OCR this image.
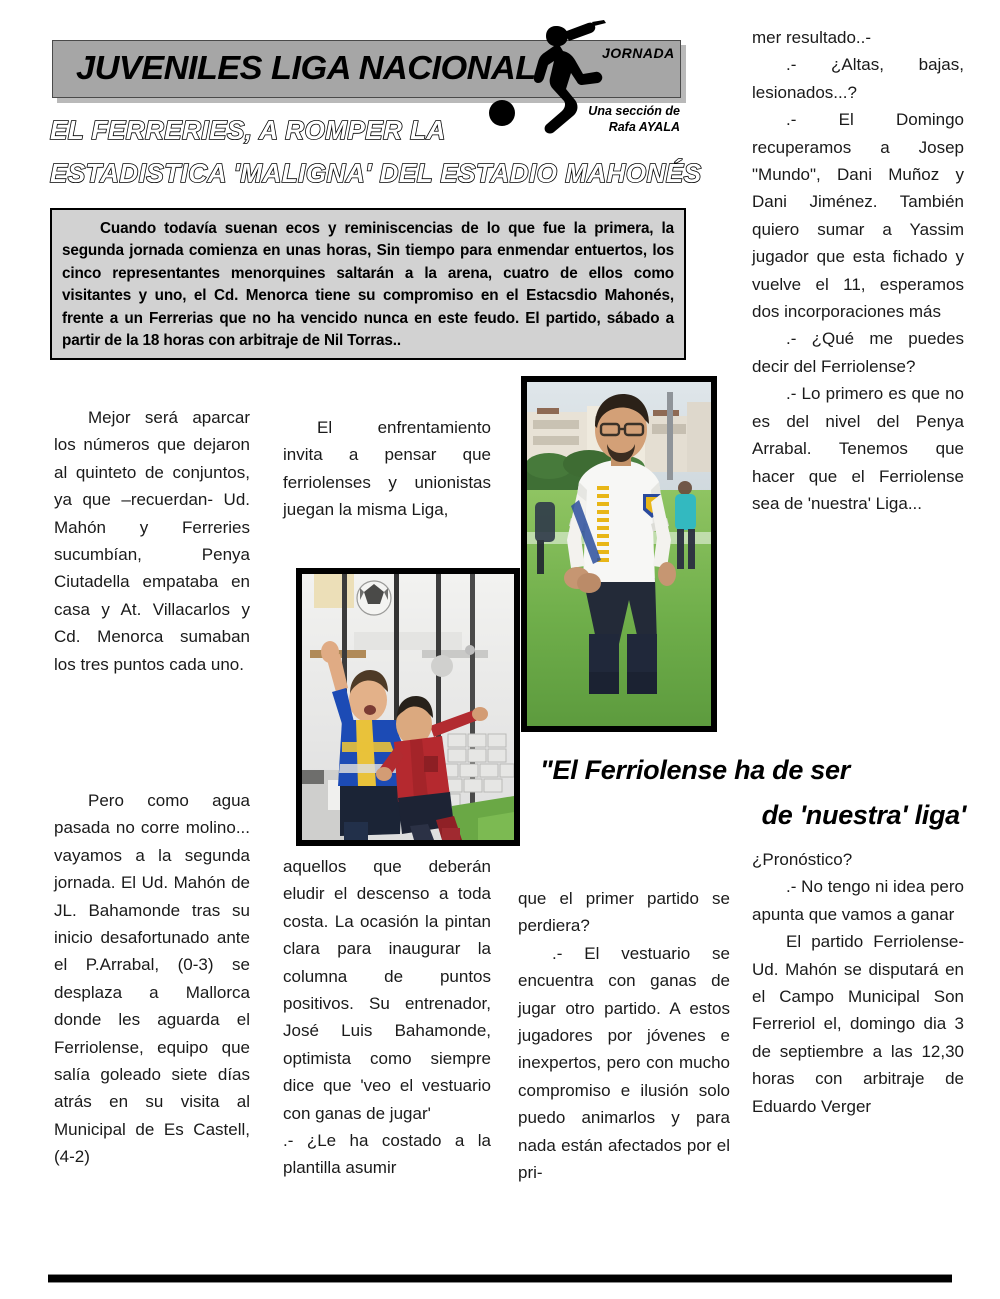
JUVENILES LIGA NACIONAL	JORNADA
Una sección de
Rafa AYALA
EL FERRERIES, A ROMPER LA
ESTADISTICA 'MALIGNA' DEL ESTADIO MAHONÉS

Cuando todavía suenan ecos y reminiscencias de lo que fue la primera, la segunda jornada comienza en unas horas, Sin tiempo para enmendar entuertos, los cinco representantes menorquines saltarán a la arena, cuatro de ellos como visitantes y uno, el Cd. Menorca tiene su compromiso en el Estacsdio Mahonés, frente a un Ferrerias que no ha vencido nunca en este feudo. El partido, sábado a partir de la 18 horas con arbitraje de Nil Torras..

Mejor será aparcar los números que dejaron al quinteto de conjuntos, ya que –recuerdan- Ud. Mahón y Ferreries sucumbían, Penya Ciutadella empataba en casa y At. Villacarlos y Cd. Menorca sumaban los tres puntos cada uno.

Pero como agua pasada no corre molino... vayamos a la segunda jornada. El Ud. Mahón de JL. Bahamonde tras su inicio desafortunado ante el P.Arrabal, (0-3) se desplaza a Mallorca donde les aguarda el Ferriolense, equipo que salía goleado siete días atrás en su visita al Municipal de Es Castell, (4-2)

El enfrentamiento invita a pensar que ferriolenses y unionistas juegan la misma Liga,

aquellos que deberán eludir el descenso a toda costa. La ocasión la pintan clara para inaugurar la columna de puntos positivos. Su entrenador, José Luis Bahamonde, optimista como siempre dice que 'veo el vestuario con ganas de jugar'

.- ¿Le ha costado a la plantilla asumir

que el primer partido se perdiera?

.- El vestuario se encuentra con ganas de jugar otro partido. A estos jugadores por jóvenes e inexpertos, pero con mucho compromiso e ilusión solo puedo animarlos y para nada están afectados por el pri-

mer resultado..-

.- ¿Altas, bajas, lesionados...?

.- El Domingo recuperamos a Josep "Mundo", Dani Muñoz y Dani Jiménez. También quiero sumar a Yassim jugador que esta fichado y vuelve el 11, esperamos dos incorporaciones más

.- ¿Qué me puedes decir del Ferriolense?

.- Lo primero es que no es del nivel del Penya Arrabal. Tenemos que hacer que el Ferriolense sea de 'nuestra' Liga...

¿Pronóstico?

.- No tengo ni idea pero apunta que vamos a ganar

El partido Ferriolense-Ud. Mahón se disputará en el Campo Municipal Son Ferreriol el, domingo dia 3 de septiembre a las 12,30 horas con arbitraje de Eduardo Verger

"El Ferriolense ha de ser
de 'nuestra' liga'
